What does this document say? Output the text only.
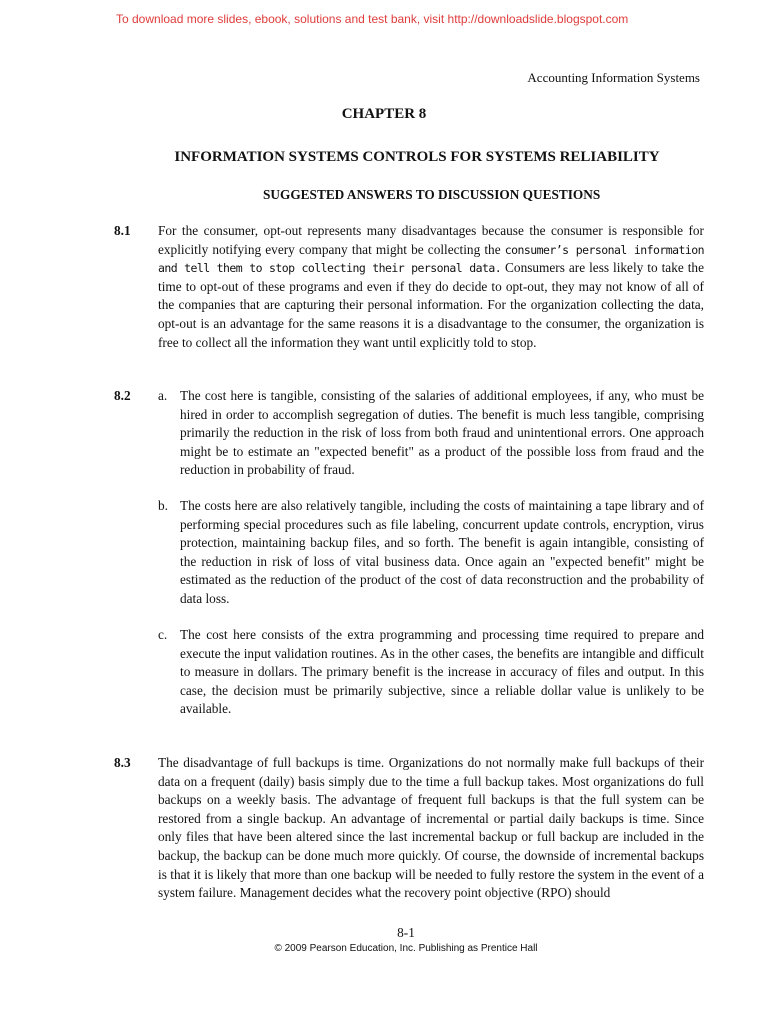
To download more slides, ebook, solutions and test bank, visit http://downloadslide.blogspot.com
Accounting Information Systems
CHAPTER 8
INFORMATION SYSTEMS CONTROLS FOR SYSTEMS RELIABILITY
SUGGESTED ANSWERS TO DISCUSSION QUESTIONS
8.1 For the consumer, opt-out represents many disadvantages because the consumer is responsible for explicitly notifying every company that might be collecting the consumer’s personal information and tell them to stop collecting their personal data. Consumers are less likely to take the time to opt-out of these programs and even if they do decide to opt-out, they may not know of all of the companies that are capturing their personal information. For the organization collecting the data, opt-out is an advantage for the same reasons it is a disadvantage to the consumer, the organization is free to collect all the information they want until explicitly told to stop.
8.2 a. The cost here is tangible, consisting of the salaries of additional employees, if any, who must be hired in order to accomplish segregation of duties. The benefit is much less tangible, comprising primarily the reduction in the risk of loss from both fraud and unintentional errors. One approach might be to estimate an "expected benefit" as a product of the possible loss from fraud and the reduction in probability of fraud.
b. The costs here are also relatively tangible, including the costs of maintaining a tape library and of performing special procedures such as file labeling, concurrent update controls, encryption, virus protection, maintaining backup files, and so forth. The benefit is again intangible, consisting of the reduction in risk of loss of vital business data. Once again an "expected benefit" might be estimated as the reduction of the product of the cost of data reconstruction and the probability of data loss.
c. The cost here consists of the extra programming and processing time required to prepare and execute the input validation routines. As in the other cases, the benefits are intangible and difficult to measure in dollars. The primary benefit is the increase in accuracy of files and output. In this case, the decision must be primarily subjective, since a reliable dollar value is unlikely to be available.
8.3 The disadvantage of full backups is time. Organizations do not normally make full backups of their data on a frequent (daily) basis simply due to the time a full backup takes. Most organizations do full backups on a weekly basis. The advantage of frequent full backups is that the full system can be restored from a single backup. An advantage of incremental or partial daily backups is time. Since only files that have been altered since the last incremental backup or full backup are included in the backup, the backup can be done much more quickly. Of course, the downside of incremental backups is that it is likely that more than one backup will be needed to fully restore the system in the event of a system failure. Management decides what the recovery point objective (RPO) should
8-1
© 2009 Pearson Education, Inc. Publishing as Prentice Hall
